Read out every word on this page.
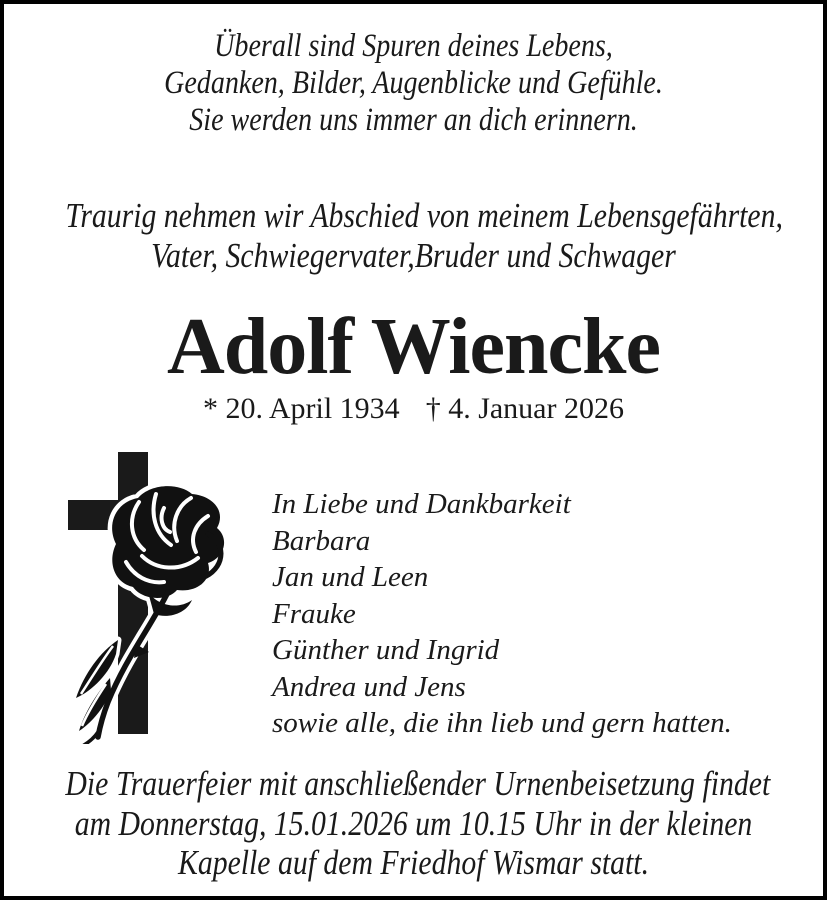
Überall sind Spuren deines Lebens,
Gedanken, Bilder, Augenblicke und Gefühle.
Sie werden uns immer an dich erinnern.
Traurig nehmen wir Abschied von meinem Lebensgefährten,
Vater, Schwiegervater,Bruder und Schwager
Adolf Wiencke
* 20. April 1934 † 4. Januar 2026
In Liebe und Dankbarkeit
Barbara
Jan und Leen
Frauke
Günther und Ingrid
Andrea und Jens
sowie alle, die ihn lieb und gern hatten.
Die Trauerfeier mit anschließender Urnenbeisetzung findet
am Donnerstag, 15.01.2026 um 10.15 Uhr in der kleinen
Kapelle auf dem Friedhof Wismar statt.
